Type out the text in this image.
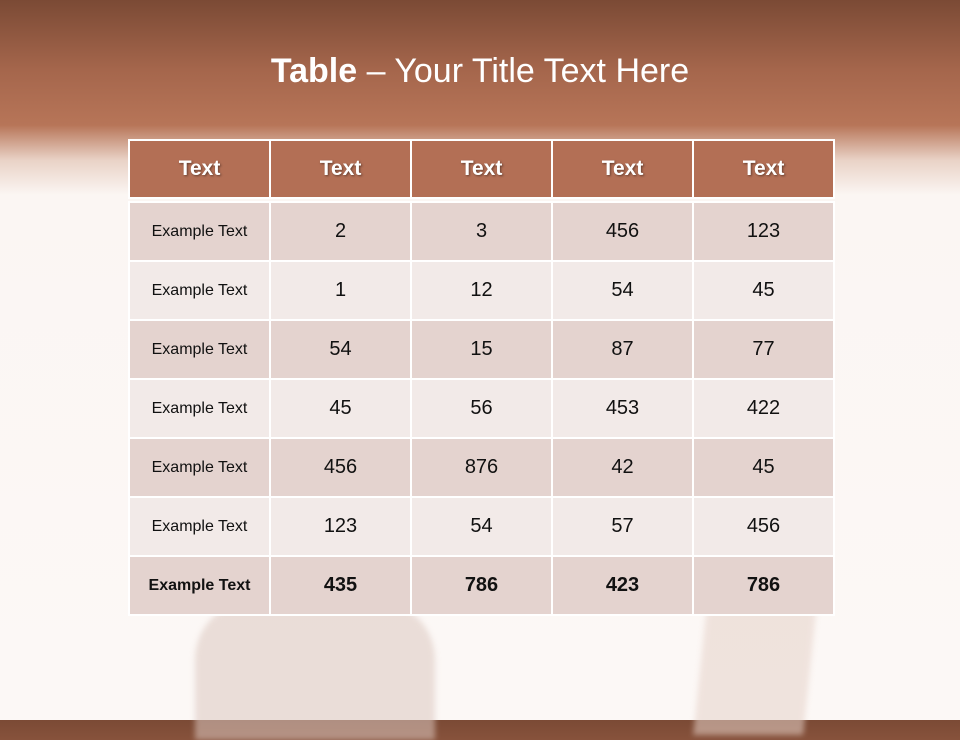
Table – Your Title Text Here
Text	Text	Text	Text	Text

Example Text	2	3	456	123
Example Text	1	12	54	45
Example Text	54	15	87	77
Example Text	45	56	453	422
Example Text	456	876	42	45
Example Text	123	54	57	456
Example Text	435	786	423	786
